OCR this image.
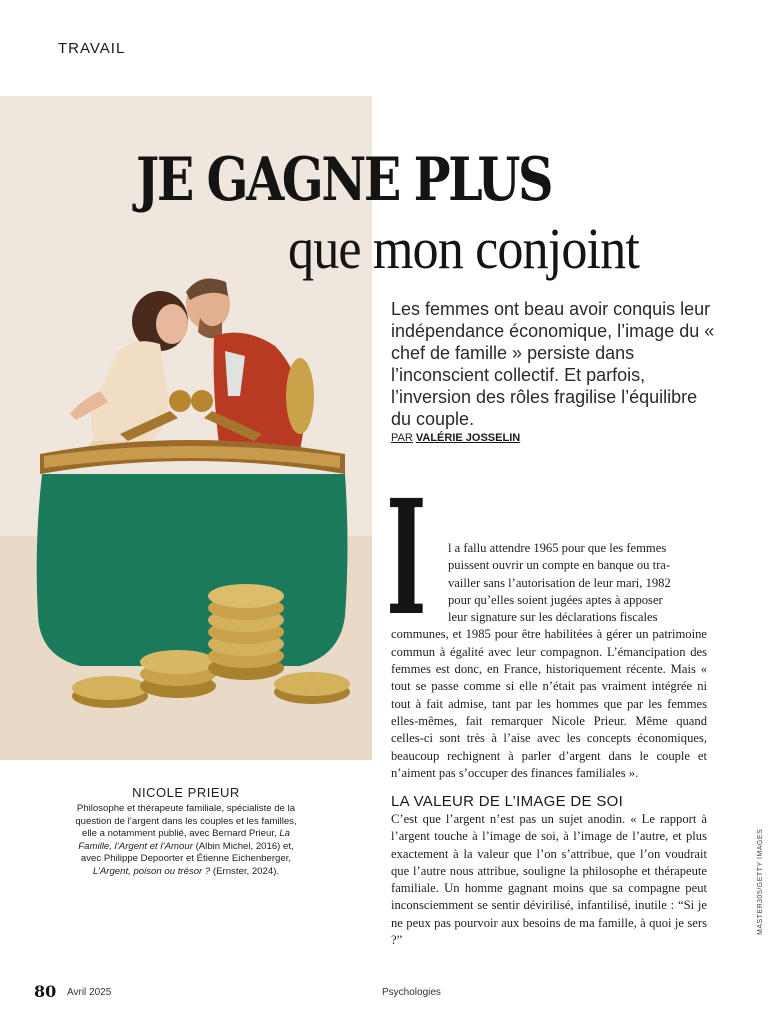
TRAVAIL
JE GAGNE PLUS
que mon conjoint
Les femmes ont beau avoir conquis leur indépendance économique, l’image du « chef de famille » persiste dans l’inconscient collectif. Et parfois, l’inversion des rôles fragilise l’équilibre du couple.
PAR VALÉRIE JOSSELIN
I l a fallu attendre 1965 pour que les femmes
puissent ouvrir un compte en banque ou tra-
vailler sans l’autorisation de leur mari, 1982
pour qu’elles soient jugées aptes à apposer
leur signature sur les déclarations fiscales

communes, et 1985 pour être habilitées à gérer un patrimoine commun à égalité avec leur compagnon. L’émancipation des femmes est donc, en France, historiquement récente. Mais « tout se passe comme si elle n’était pas vraiment intégrée ni tout à fait admise, tant par les hommes que par les femmes elles-mêmes, fait remarquer Nicole Prieur. Même quand celles-ci sont très à l’aise avec les concepts économiques, beaucoup rechignent à parler d’argent dans le couple et n’aiment pas s’occuper des finances familiales ».

LA VALEUR DE L’IMAGE DE SOI

C’est que l’argent n’est pas un sujet anodin. « Le rapport à l’argent touche à l’image de soi, à l’image de l’autre, et plus exactement à la valeur que l’on s’attribue, que l’on voudrait que l’autre nous attribue, souligne la philosophe et thérapeute familiale. Un homme gagnant moins que sa compagne peut inconsciemment se sentir dévirilisé, infantilisé, inutile : “Si je ne peux pas pourvoir aux besoins de ma famille, à quoi je sers ?”

NICOLE PRIEUR
Philosophe et thérapeute familiale, spécialiste de la question de l’argent dans les couples et les familles, elle a notamment publié, avec Bernard Prieur, La Famille, l’Argent et l’Amour (Albin Michel, 2016) et, avec Philippe Depoorter et Étienne Eichenberger, L’Argent, poison ou trésor ? (Ernster, 2024).	MASTER305/GETTY IMAGES
80 Avril 2025	Psychologies
